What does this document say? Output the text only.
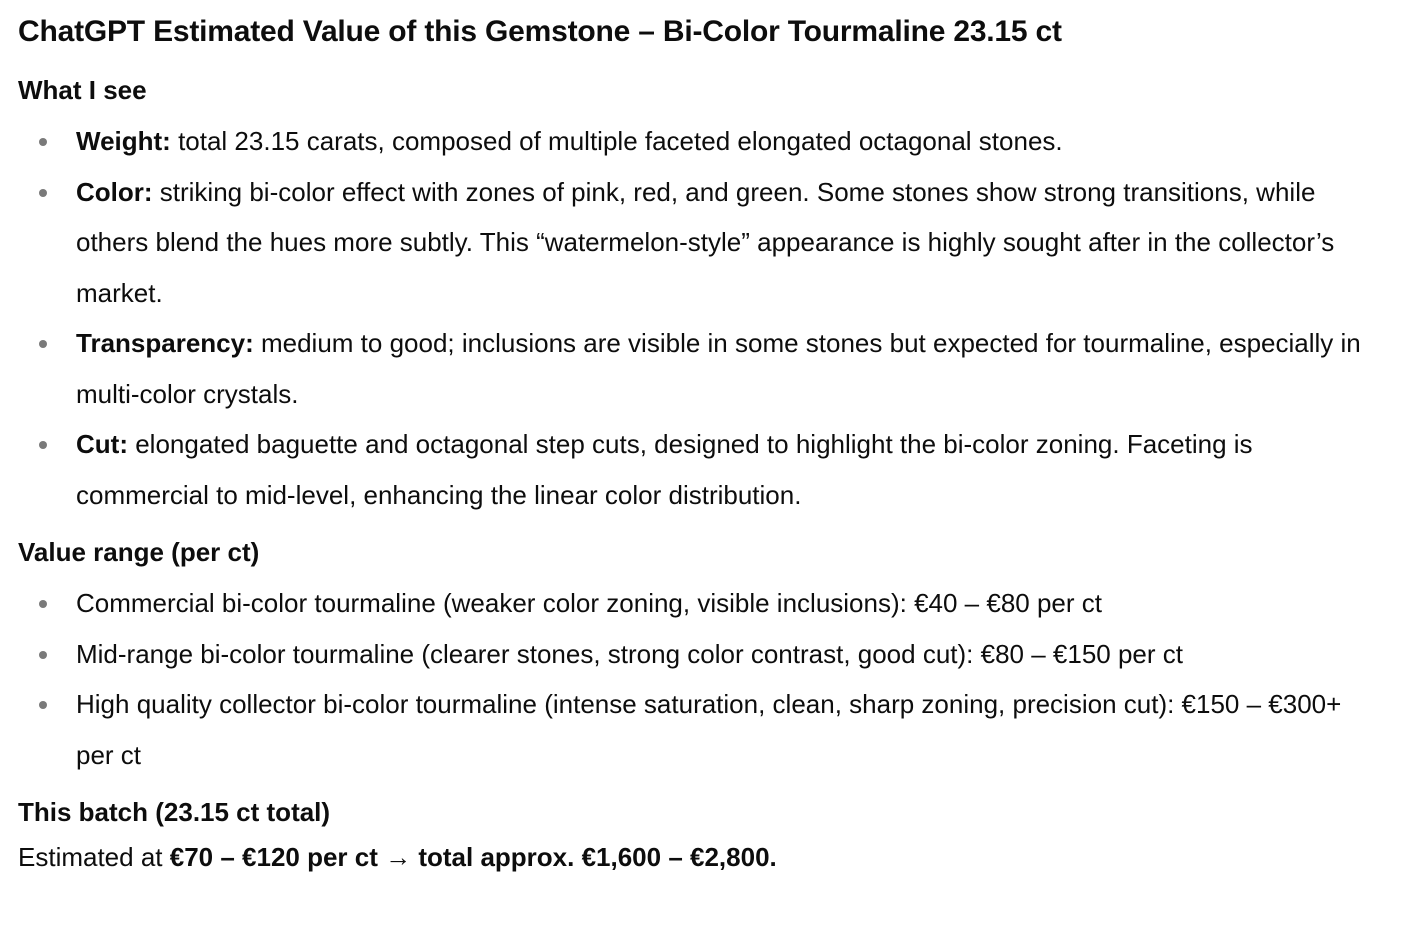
ChatGPT Estimated Value of this Gemstone – Bi-Color Tourmaline 23.15 ct
What I see
Weight: total 23.15 carats, composed of multiple faceted elongated octagonal stones.
Color: striking bi-color effect with zones of pink, red, and green. Some stones show strong transitions, while others blend the hues more subtly. This “watermelon-style” appearance is highly sought after in the collector’s market.
Transparency: medium to good; inclusions are visible in some stones but expected for tourmaline, especially in multi-color crystals.
Cut: elongated baguette and octagonal step cuts, designed to highlight the bi-color zoning. Faceting is commercial to mid-level, enhancing the linear color distribution.
Value range (per ct)
Commercial bi-color tourmaline (weaker color zoning, visible inclusions): €40 – €80 per ct
Mid-range bi-color tourmaline (clearer stones, strong color contrast, good cut): €80 – €150 per ct
High quality collector bi-color tourmaline (intense saturation, clean, sharp zoning, precision cut): €150 – €300+ per ct
This batch (23.15 ct total)

Estimated at €70 – €120 per ct → total approx. €1,600 – €2,800.
